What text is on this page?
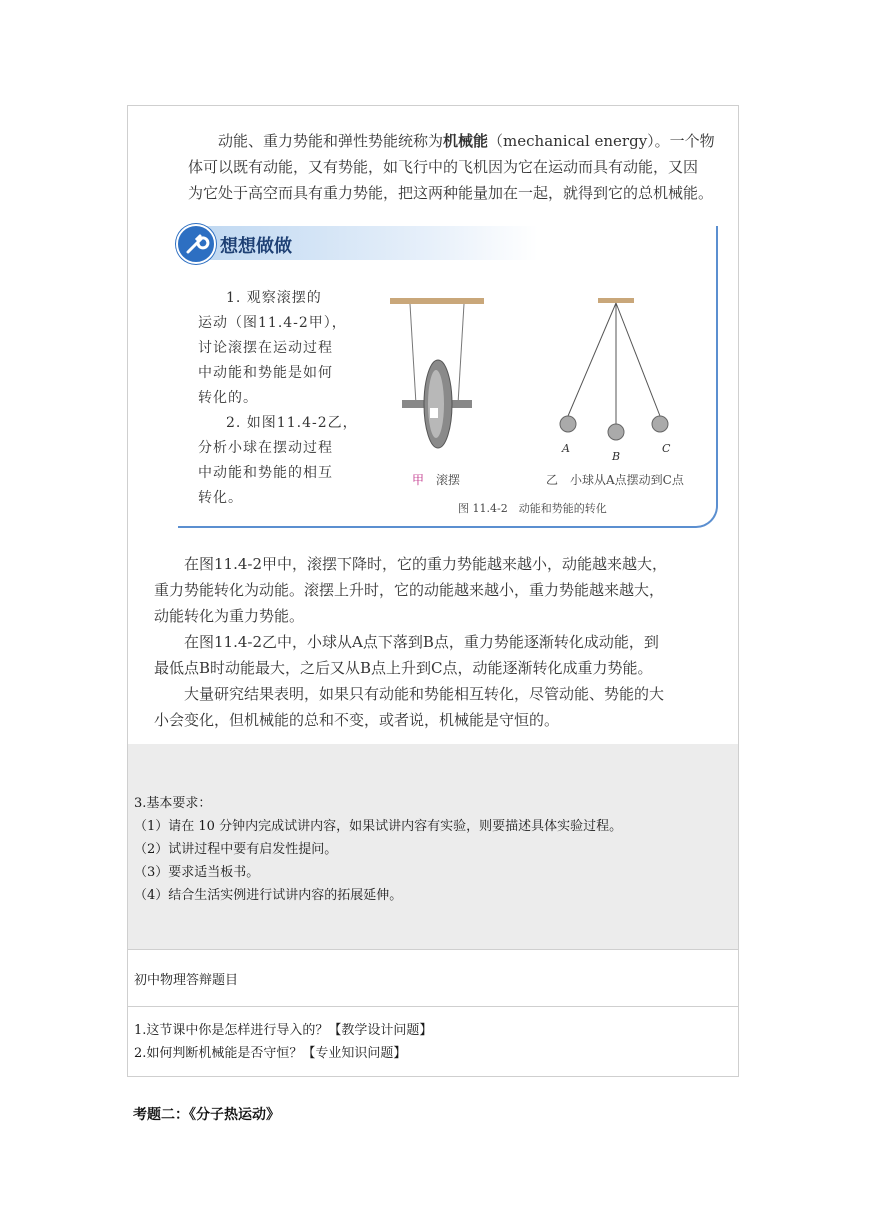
动能、重力势能和弹性势能统称为机械能（mechanical energy）。一个物
体可以既有动能，又有势能，如飞行中的飞机因为它在运动而具有动能，又因
为它处于高空而具有重力势能，把这两种能量加在一起，就得到它的总机械能。
想想做做
1. 观察滚摆的
运动（图11.4-2甲），
讨论滚摆在运动过程
中动能和势能是如何
转化的。
2. 如图11.4-2乙，
分析小球在摆动过程
中动能和势能的相互
转化。
A
B
C
甲 滚摆	乙 小球从A点摆动到C点
图 11.4-2　动能和势能的转化
在图11.4-2甲中，滚摆下降时，它的重力势能越来越小，动能越来越大，
重力势能转化为动能。滚摆上升时，它的动能越来越小，重力势能越来越大，
动能转化为重力势能。
在图11.4-2乙中，小球从A点下落到B点，重力势能逐渐转化成动能，到
最低点B时动能最大，之后又从B点上升到C点，动能逐渐转化成重力势能。
大量研究结果表明，如果只有动能和势能相互转化，尽管动能、势能的大
小会变化，但机械能的总和不变，或者说，机械能是守恒的。
3.基本要求：
（1）请在 10 分钟内完成试讲内容，如果试讲内容有实验，则要描述具体实验过程。
（2）试讲过程中要有启发性提问。
（3）要求适当板书。
（4）结合生活实例进行试讲内容的拓展延伸。
初中物理答辩题目
1.这节课中你是怎样进行导入的？【教学设计问题】
2.如何判断机械能是否守恒？【专业知识问题】
考题二：《分子热运动》
